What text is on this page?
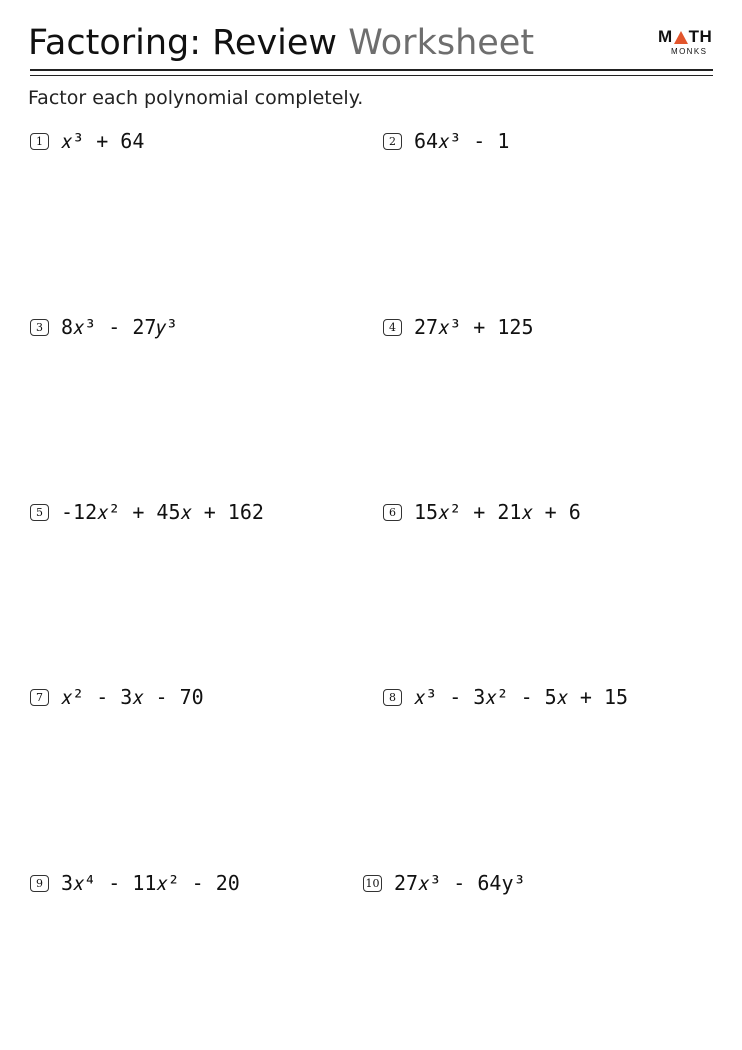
Factoring: Review Worksheet	M TH
MONKS
Factor each polynomial completely.
1 𝑥³ + 64	2 64𝑥³ - 1
3 8𝑥³ - 27𝑦³	4 27𝑥³ + 125
5 -12𝑥² + 45𝑥 + 162	6 15𝑥² + 21𝑥 + 6
7 𝑥² - 3𝑥 - 70	8 𝑥³ - 3𝑥² - 5𝑥 + 15
9 3𝑥⁴ - 11𝑥² - 20	10 27𝑥³ - 64y³
